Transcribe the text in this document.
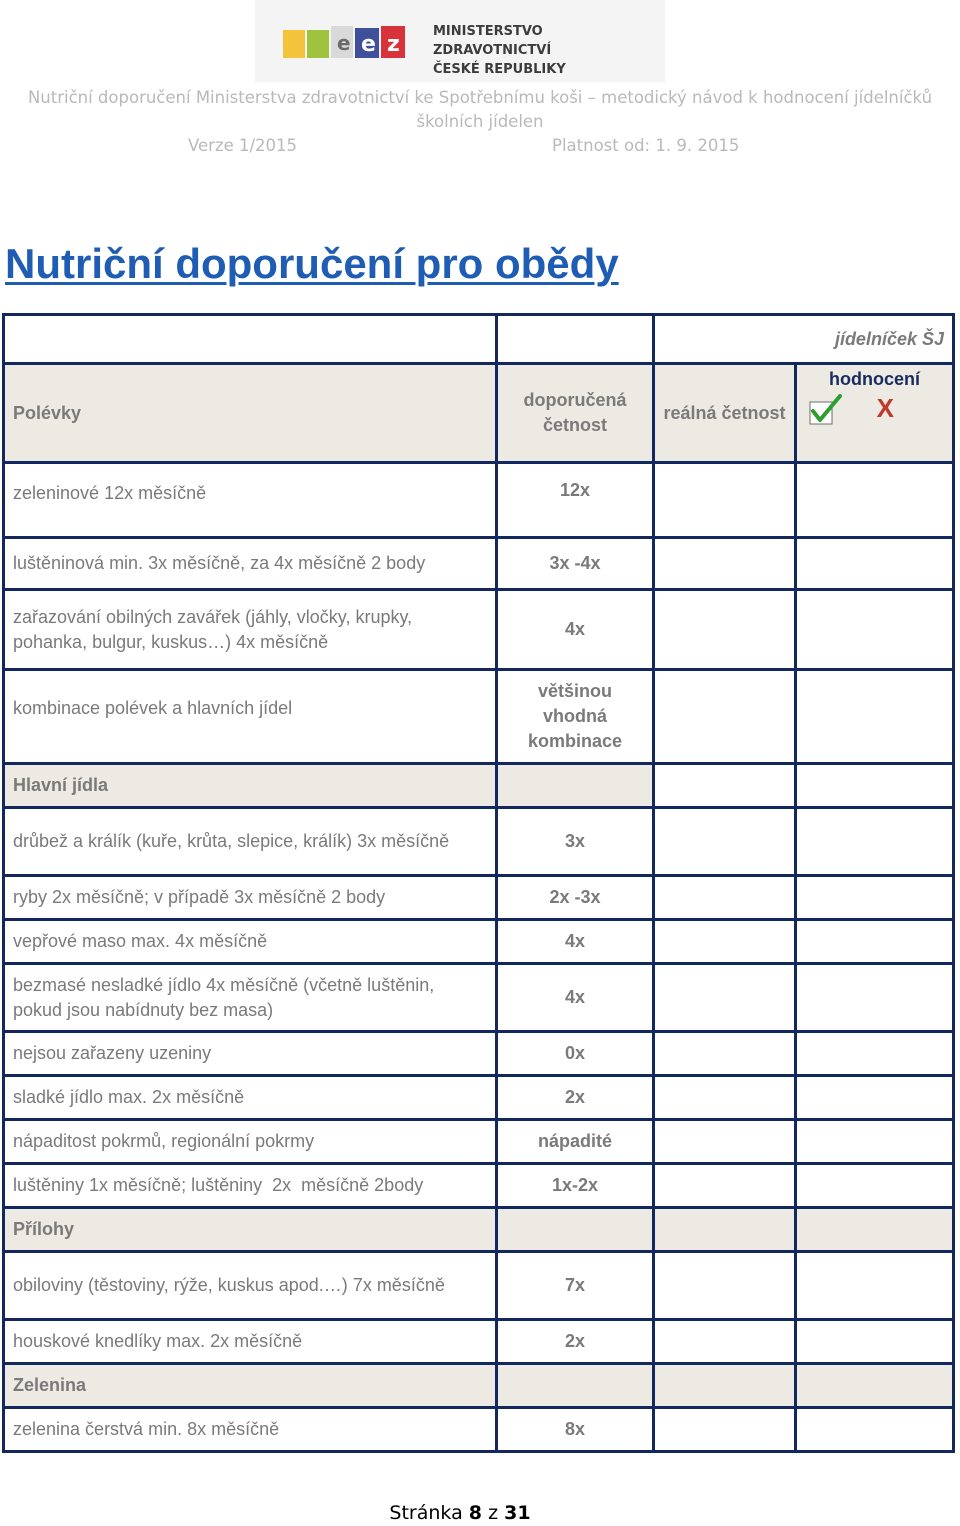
e e z
MINISTERSTVO ZDRAVOTNICTVÍ
ČESKÉ REPUBLIKY
Nutriční doporučení Ministerstva zdravotnictví ke Spotřebnímu koši – metodický návod k hodnocení jídelníčků
školních jídelen
Verze 1/2015	Platnost od: 1. 9. 2015
Nutriční doporučení pro obědy
		jídelníček ŠJ	
Polévky	doporučená četnost	reálná četnost	hodnocení
X

zeleninové 12x měsíčně	12x		
luštěninová min. 3x měsíčně, za 4x měsíčně 2 body	3x -4x		
zařazování obilných zavářek (jáhly, vločky, krupky, pohanka, bulgur, kuskus…) 4x měsíčně	4x		
kombinace polévek a hlavních jídel	většinou vhodná kombinace		
Hlavní jídla			
drůbež a králík (kuře, krůta, slepice, králík) 3x měsíčně	3x		
ryby 2x měsíčně; v případě 3x měsíčně 2 body	2x -3x		
vepřové maso max. 4x měsíčně	4x		
bezmasé nesladké jídlo 4x měsíčně (včetně luštěnin, pokud jsou nabídnuty bez masa)	4x		
nejsou zařazeny uzeniny	0x		
sladké jídlo max. 2x měsíčně	2x		
nápaditost pokrmů, regionální pokrmy	nápadité		
luštěniny 1x měsíčně; luštěniny  2x  měsíčně 2body	1x-2x		
Přílohy			
obiloviny (těstoviny, rýže, kuskus apod.…) 7x měsíčně	7x		
houskové knedlíky max. 2x měsíčně	2x		
Zelenina			
zelenina čerstvá min. 8x měsíčně	8x		
Stránka 8 z 31
